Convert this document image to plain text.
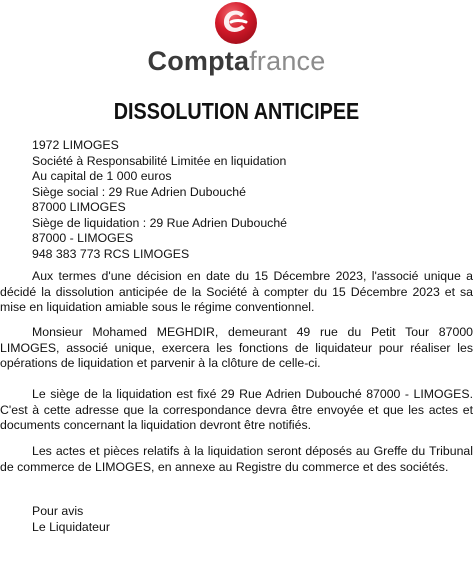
Comptafrance
DISSOLUTION ANTICIPEE
1972 LIMOGES
Société à Responsabilité Limitée en liquidation
Au capital de 1 000 euros
Siège social : 29 Rue Adrien Dubouché
87000 LIMOGES
Siège de liquidation : 29 Rue Adrien Dubouché
87000 - LIMOGES
948 383 773 RCS LIMOGES

Aux termes d'une décision en date du 15 Décembre 2023, l'associé unique a décidé la dissolution anticipée de la Société à compter du 15 Décembre 2023 et sa mise en liquidation amiable sous le régime conventionnel.

Monsieur Mohamed MEGHDIR, demeurant 49 rue du Petit Tour 87000 LIMOGES, associé unique, exercera les fonctions de liquidateur pour réaliser les opérations de liquidation et parvenir à la clôture de celle-ci.

Le siège de la liquidation est fixé 29 Rue Adrien Dubouché 87000 - LIMOGES. C'est à cette adresse que la correspondance devra être envoyée et que les actes et documents concernant la liquidation devront être notifiés.

Les actes et pièces relatifs à la liquidation seront déposés au Greffe du Tribunal de commerce de LIMOGES, en annexe au Registre du commerce et des sociétés.

Pour avis
Le Liquidateur
